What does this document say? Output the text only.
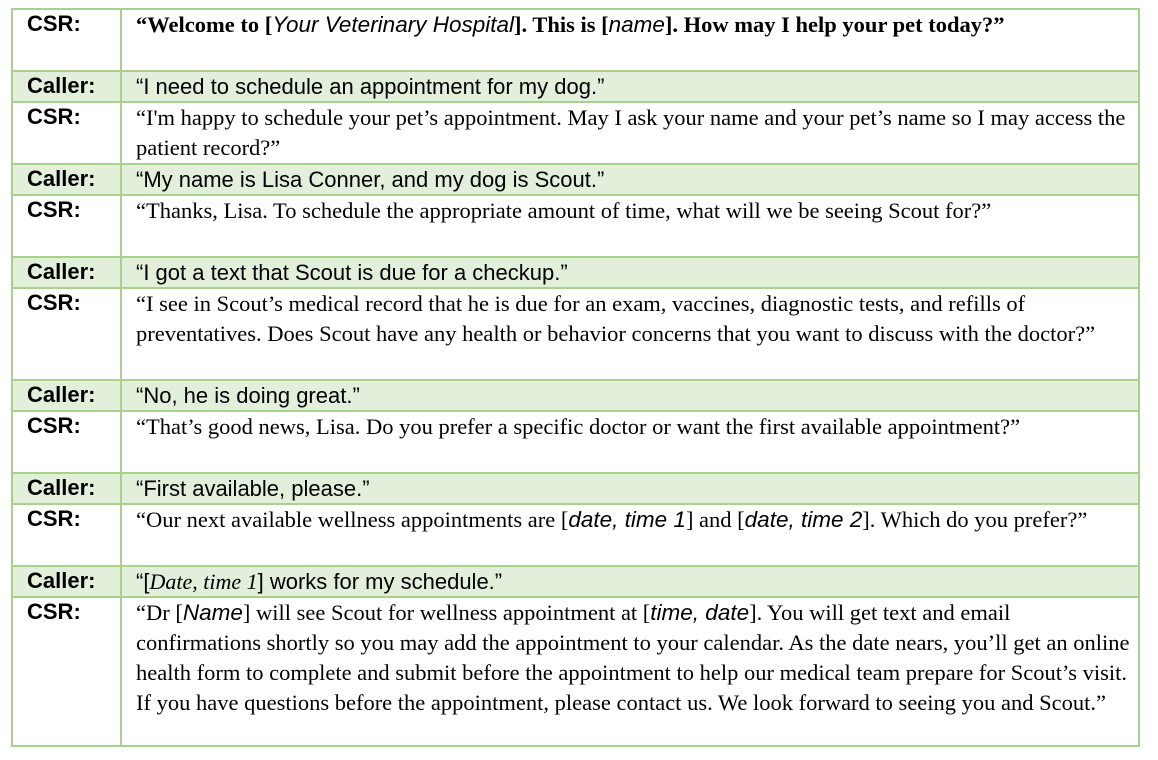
CSR:	“Welcome to [Your Veterinary Hospital]. This is [name]. How may I help your pet today?”
Caller:	“I need to schedule an appointment for my dog.”
CSR:	“I'm happy to schedule your pet’s appointment. May I ask your name and your pet’s name so I may access the patient record?”
Caller:	“My name is Lisa Conner, and my dog is Scout.”
CSR:	“Thanks, Lisa. To schedule the appropriate amount of time, what will we be seeing Scout for?”
Caller:	“I got a text that Scout is due for a checkup.”
CSR:	“I see in Scout’s medical record that he is due for an exam, vaccines, diagnostic tests, and refills of preventatives. Does Scout have any health or behavior concerns that you want to discuss with the doctor?”
Caller:	“No, he is doing great.”
CSR:	“That’s good news, Lisa. Do you prefer a specific doctor or want the first available appointment?”
Caller:	“First available, please.”
CSR:	“Our next available wellness appointments are [date, time 1] and [date, time 2]. Which do you prefer?”
Caller:	“[Date, time 1] works for my schedule.”
CSR:	“Dr [Name] will see Scout for wellness appointment at [time, date]. You will get text and email confirmations shortly so you may add the appointment to your calendar. As the date nears, you’ll get an online health form to complete and submit before the appointment to help our medical team prepare for Scout’s visit. If you have questions before the appointment, please contact us. We look forward to seeing you and Scout.”
